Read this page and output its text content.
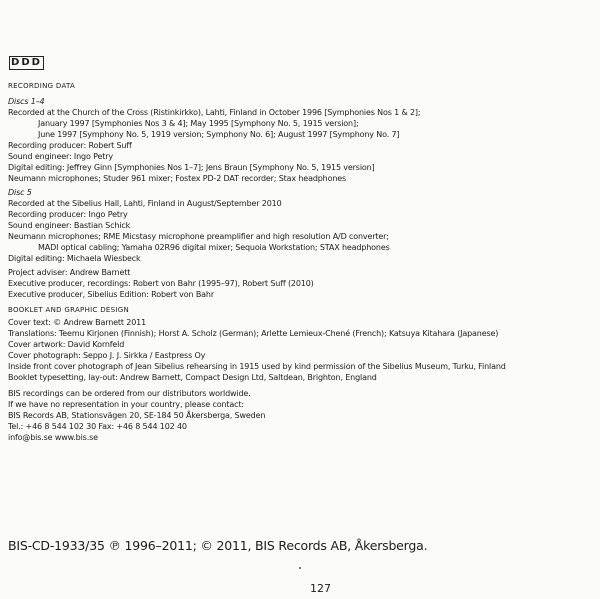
DDD
RECORDING DATA
Discs 1–4
Recorded at the Church of the Cross (Ristinkirkko), Lahti, Finland in October 1996 [Symphonies Nos 1 & 2];
January 1997 [Symphonies Nos 3 & 4]; May 1995 [Symphony No. 5, 1915 version];
June 1997 [Symphony No. 5, 1919 version; Symphony No. 6]; August 1997 [Symphony No. 7]
Recording producer: Robert Suff
Sound engineer: Ingo Petry
Digital editing: Jeffrey Ginn [Symphonies Nos 1–7]; Jens Braun [Symphony No. 5, 1915 version]
Neumann microphones; Studer 961 mixer; Fostex PD-2 DAT recorder; Stax headphones
Disc 5
Recorded at the Sibelius Hall, Lahti, Finland in August/September 2010
Recording producer: Ingo Petry
Sound engineer: Bastian Schick
Neumann microphones; RME Micstasy microphone preamplifier and high resolution A/D converter;
MADI optical cabling; Yamaha 02R96 digital mixer; Sequoia Workstation; STAX headphones
Digital editing: Michaela Wiesbeck
Project adviser: Andrew Barnett
Executive producer, recordings: Robert von Bahr (1995–97), Robert Suff (2010)
Executive producer, Sibelius Edition: Robert von Bahr
BOOKLET AND GRAPHIC DESIGN
Cover text: © Andrew Barnett 2011
Translations: Teemu Kirjonen (Finnish); Horst A. Scholz (German); Arlette Lemieux-Chené (French); Katsuya Kitahara (Japanese)
Cover artwork: David Kornfeld
Cover photograph: Seppo J. J. Sirkka / Eastpress Oy
Inside front cover photograph of Jean Sibelius rehearsing in 1915 used by kind permission of the Sibelius Museum, Turku, Finland
Booklet typesetting, lay-out: Andrew Barnett, Compact Design Ltd, Saltdean, Brighton, England
BIS recordings can be ordered from our distributors worldwide.
If we have no representation in your country, please contact:
BIS Records AB, Stationsvägen 20, SE-184 50 Åkersberga, Sweden
Tel.: +46 8 544 102 30 Fax: +46 8 544 102 40
info@bis.se www.bis.se
BIS-CD-1933/35 ℗ 1996–2011; © 2011, BIS Records AB, Åkersberga.
127
